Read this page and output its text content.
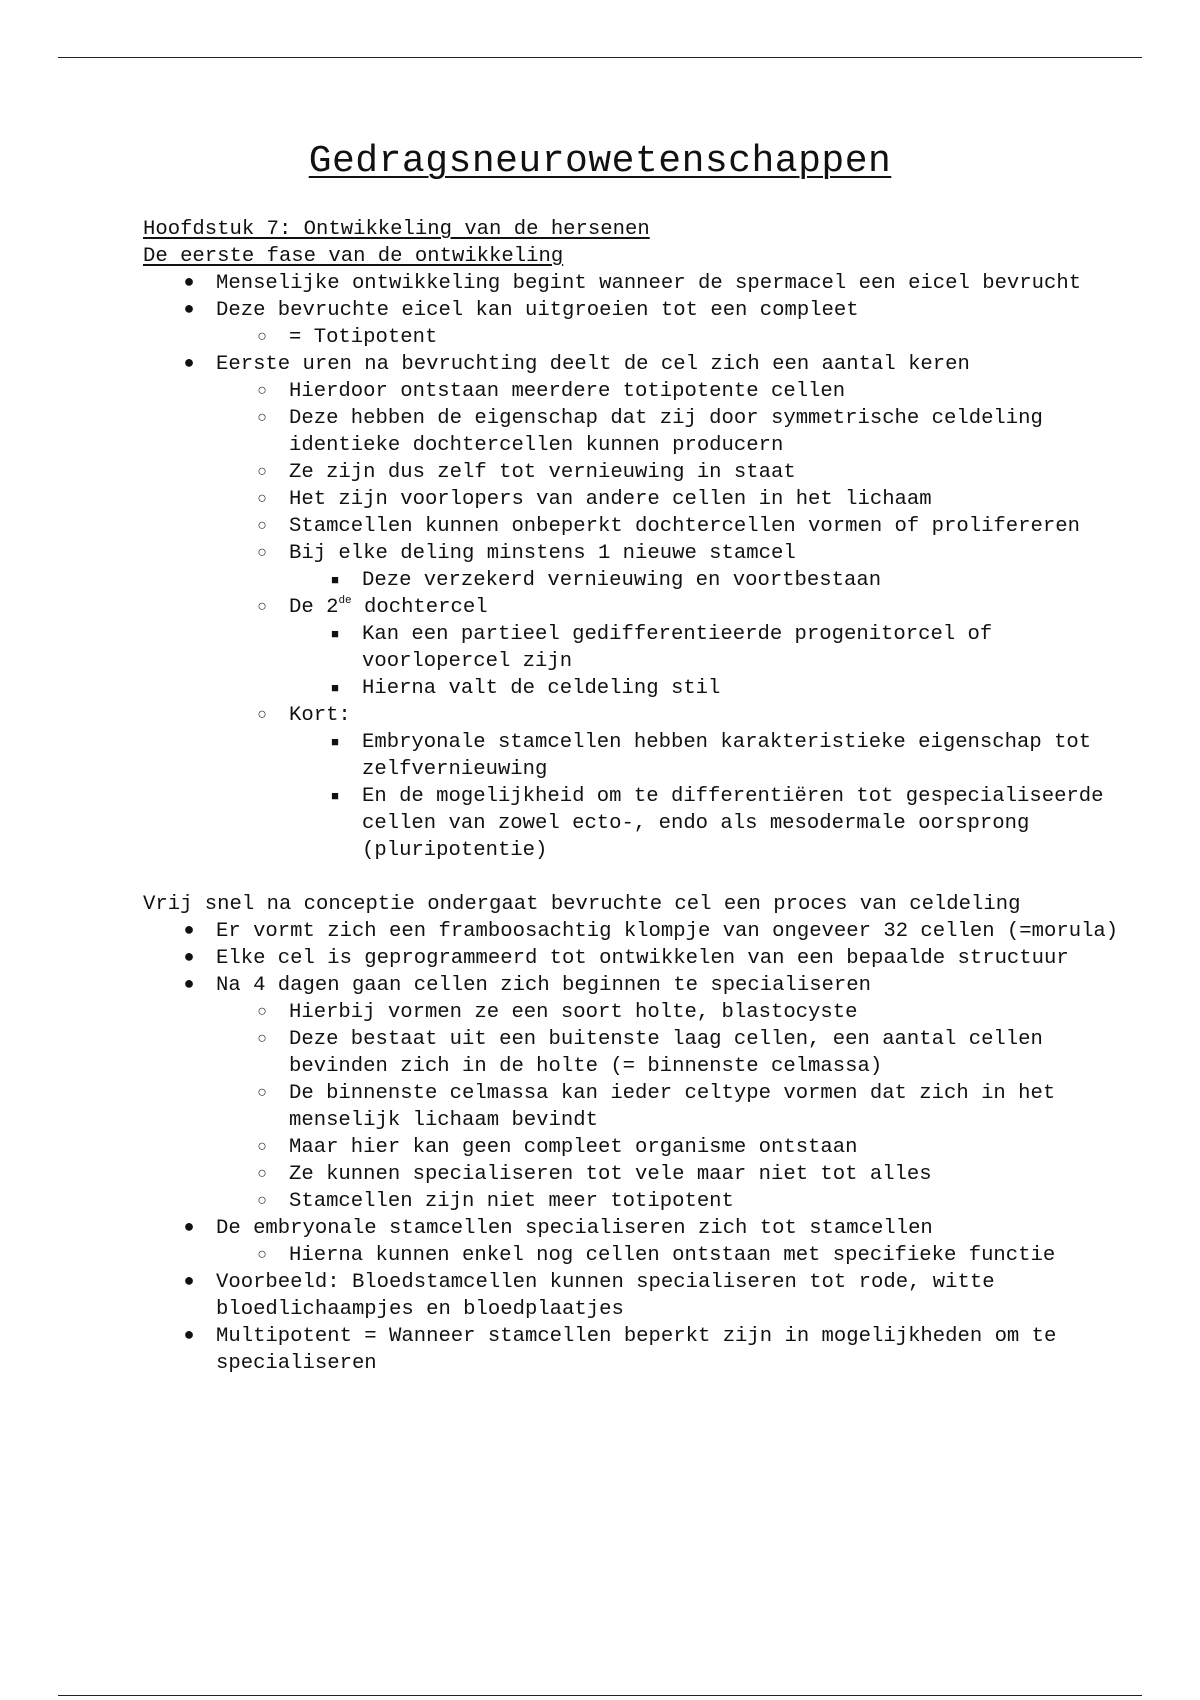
Gedragsneurowetenschappen

Hoofdstuk 7: Ontwikkeling van de hersenen

De eerste fase van de ontwikkeling

● Menselijke ontwikkeling begint wanneer de spermacel een eicel bevrucht
● Deze bevruchte eicel kan uitgroeien tot een compleet
○ = Totipotent
● Eerste uren na bevruchting deelt de cel zich een aantal keren
○ Hierdoor ontstaan meerdere totipotente cellen
○ Deze hebben de eigenschap dat zij door symmetrische celdeling identieke dochtercellen kunnen producern
○ Ze zijn dus zelf tot vernieuwing in staat
○ Het zijn voorlopers van andere cellen in het lichaam
○ Stamcellen kunnen onbeperkt dochtercellen vormen of prolifereren
○ Bij elke deling minstens 1 nieuwe stamcel
■ Deze verzekerd vernieuwing en voortbestaan
○ De 2de dochtercel
■ Kan een partieel gedifferentieerde progenitorcel of voorlopercel zijn
■ Hierna valt de celdeling stil
○ Kort:
■ Embryonale stamcellen hebben karakteristieke eigenschap tot zelfvernieuwing
■ En de mogelijkheid om te differentiëren tot gespecialiseerde cellen van zowel ecto-, endo als mesodermale oorsprong (pluripotentie)

Vrij snel na conceptie ondergaat bevruchte cel een proces van celdeling

● Er vormt zich een framboosachtig klompje van ongeveer 32 cellen (=morula)
● Elke cel is geprogrammeerd tot ontwikkelen van een bepaalde structuur
● Na 4 dagen gaan cellen zich beginnen te specialiseren
○ Hierbij vormen ze een soort holte, blastocyste
○ Deze bestaat uit een buitenste laag cellen, een aantal cellen bevinden zich in de holte (= binnenste celmassa)
○ De binnenste celmassa kan ieder celtype vormen dat zich in het menselijk lichaam bevindt
○ Maar hier kan geen compleet organisme ontstaan
○ Ze kunnen specialiseren tot vele maar niet tot alles
○ Stamcellen zijn niet meer totipotent
● De embryonale stamcellen specialiseren zich tot stamcellen
○ Hierna kunnen enkel nog cellen ontstaan met specifieke functie
● Voorbeeld: Bloedstamcellen kunnen specialiseren tot rode, witte bloedlichaampjes en bloedplaatjes
● Multipotent = Wanneer stamcellen beperkt zijn in mogelijkheden om te specialiseren
